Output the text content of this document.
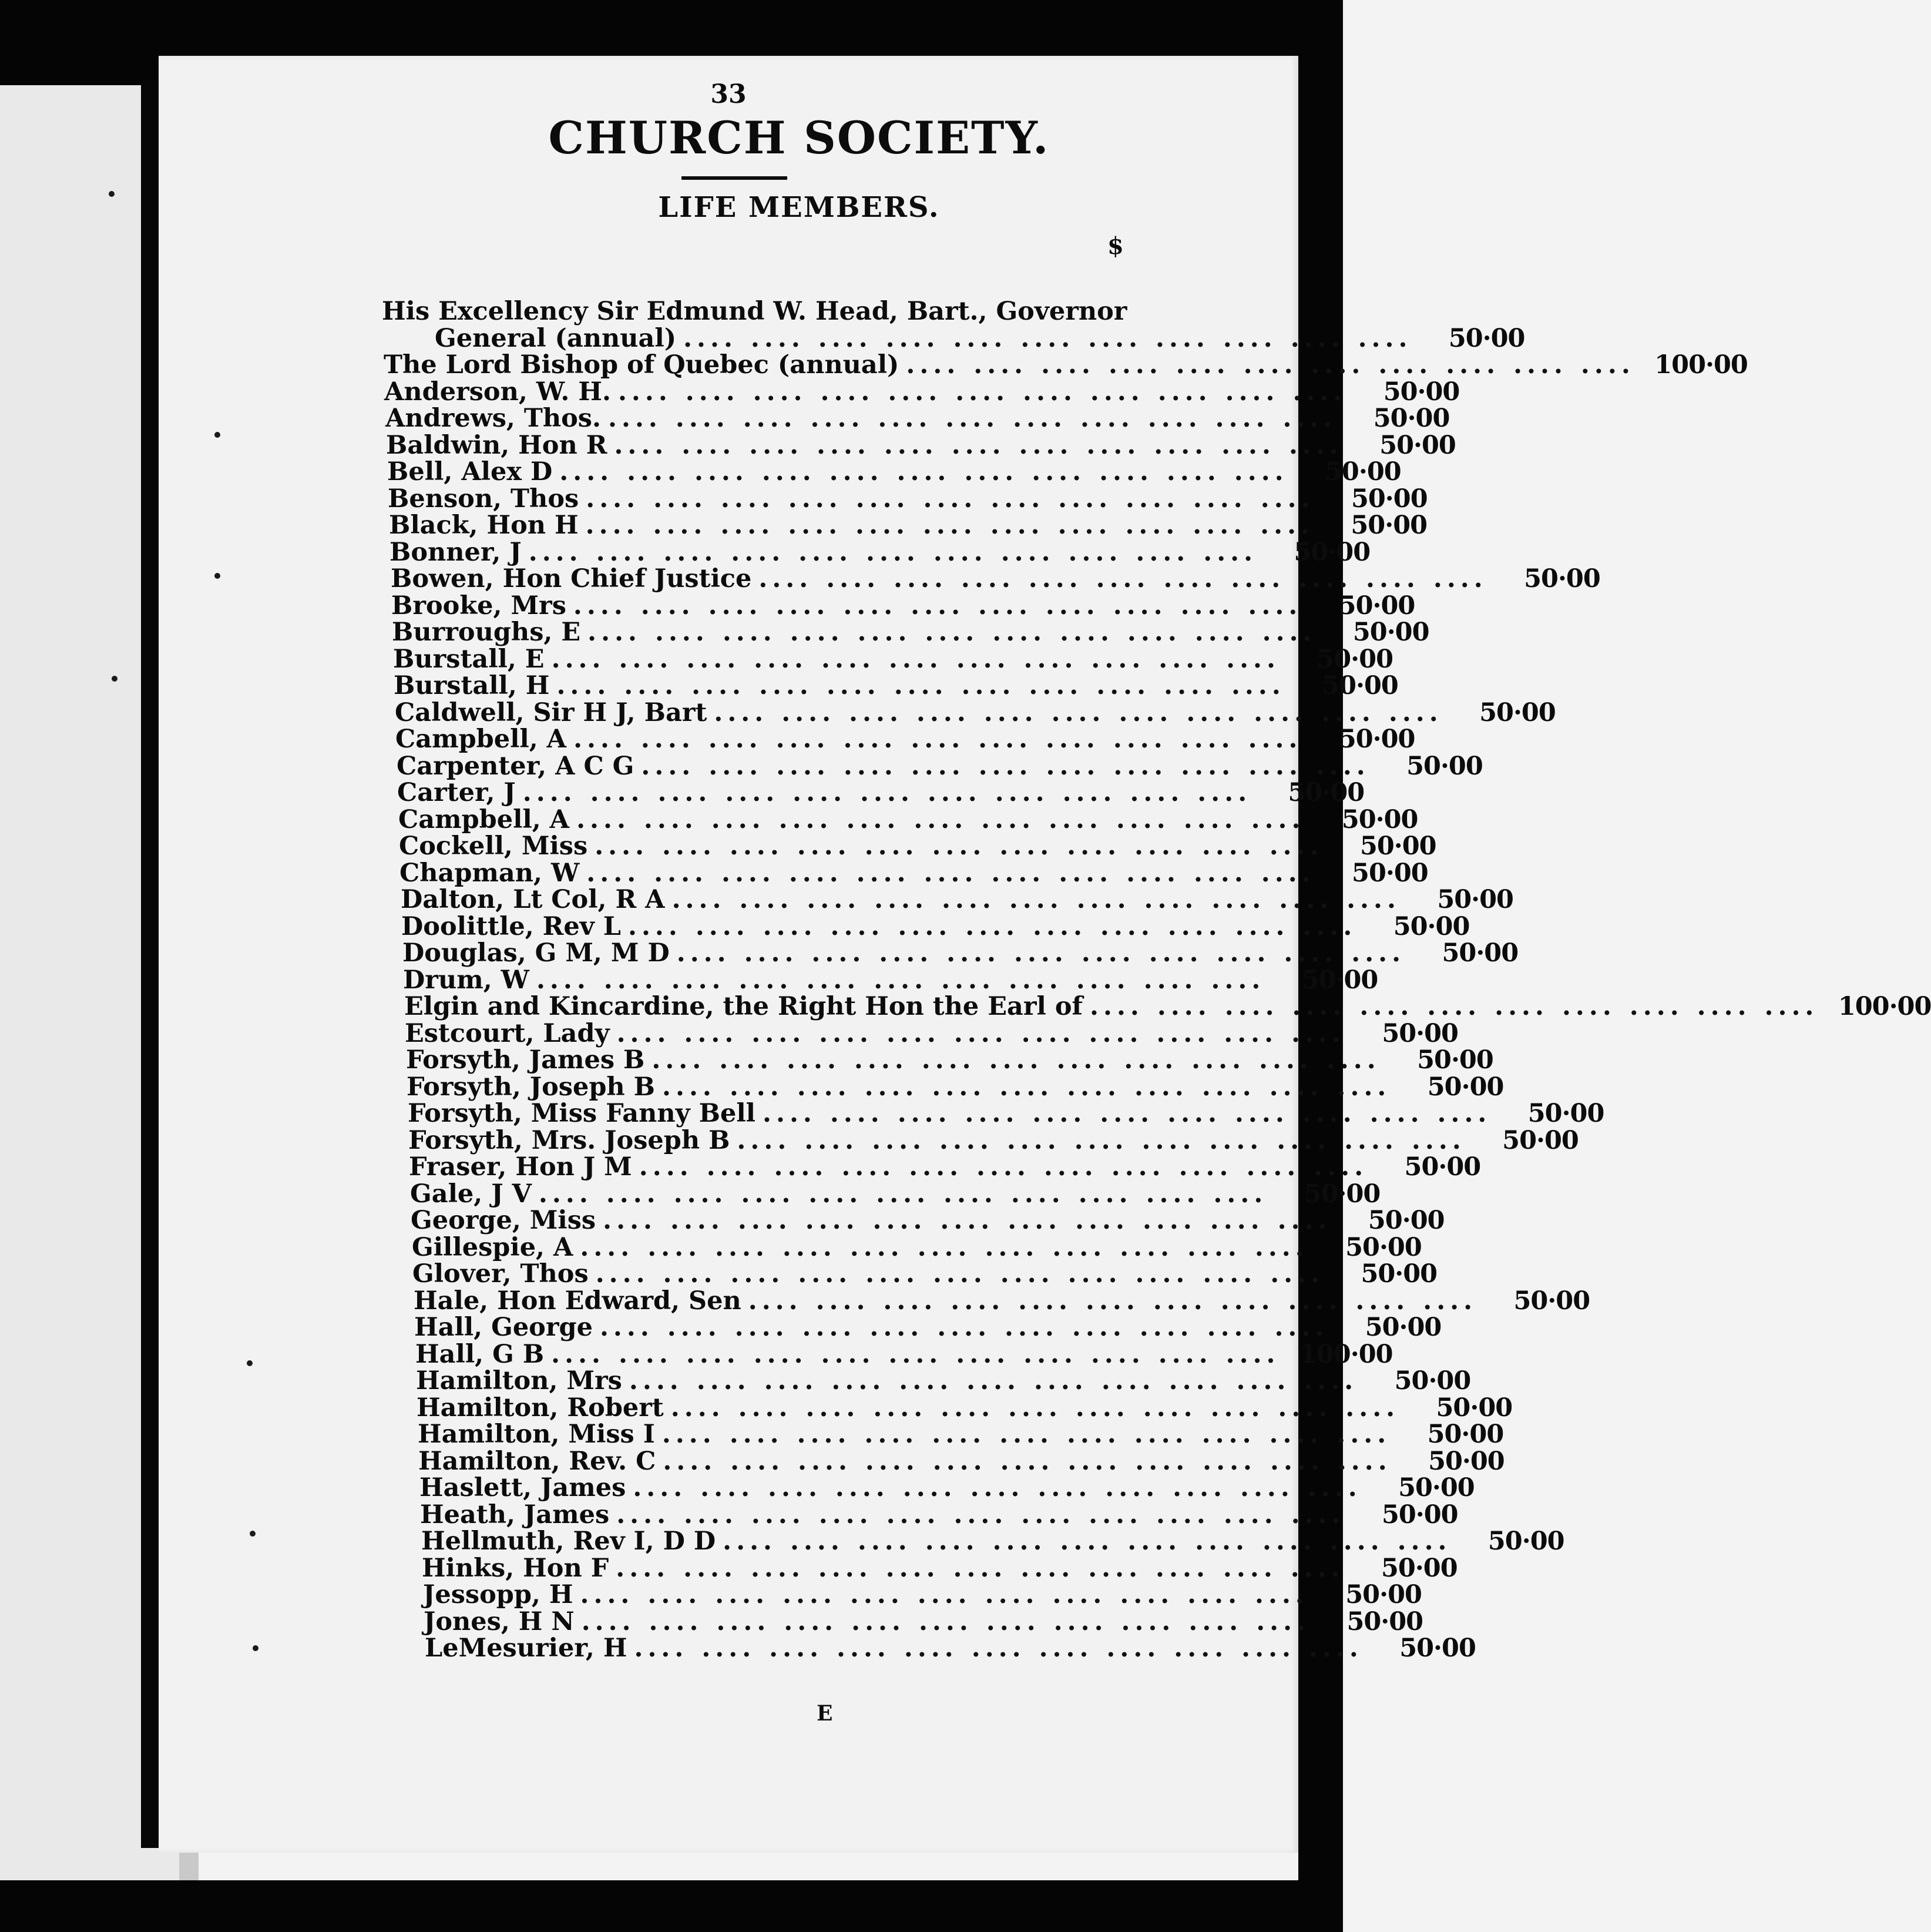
33
CHURCH SOCIETY.
LIFE MEMBERS.
$
His Excellency Sir Edmund W. Head, Bart., Governor
General (annual) .... .... .... .... .... .... .... .... .... .... ....	50·00
The Lord Bishop of Quebec (annual) .... .... .... .... .... .... .... .... .... .... .... 100·00
Anderson, W. H. .... .... .... .... .... .... .... .... .... .... ....	50·00
Andrews, Thos. .... .... .... .... .... .... .... .... .... .... ....	50·00
Baldwin, Hon R .... .... .... .... .... .... .... .... .... .... ....	50·00
Bell, Alex D .... .... .... .... .... .... .... .... .... .... ....	50·00
Benson, Thos .... .... .... .... .... .... .... .... .... .... ....	50·00
Black, Hon H .... .... .... .... .... .... .... .... .... .... ....	50·00
Bonner, J .... .... .... .... .... .... .... .... .... .... ....	50·00
Bowen, Hon Chief Justice .... .... .... .... .... .... .... .... .... .... ....	50·00
Brooke, Mrs .... .... .... .... .... .... .... .... .... .... ....	50·00
Burroughs, E .... .... .... .... .... .... .... .... .... .... ....	50·00
Burstall, E .... .... .... .... .... .... .... .... .... .... ....	50·00
Burstall, H .... .... .... .... .... .... .... .... .... .... ....	50·00
Caldwell, Sir H J, Bart .... .... .... .... .... .... .... .... .... .... ....	50·00
Campbell, A .... .... .... .... .... .... .... .... .... .... ....	50·00
Carpenter, A C G .... .... .... .... .... .... .... .... .... .... ....	50·00
Carter, J .... .... .... .... .... .... .... .... .... .... ....	50·00
Campbell, A .... .... .... .... .... .... .... .... .... .... ....	50·00
Cockell, Miss .... .... .... .... .... .... .... .... .... .... ....	50·00
Chapman, W .... .... .... .... .... .... .... .... .... .... ....	50·00
Dalton, Lt Col, R A .... .... .... .... .... .... .... .... .... .... ....	50·00
Doolittle, Rev L .... .... .... .... .... .... .... .... .... .... ....	50·00
Douglas, G M, M D .... .... .... .... .... .... .... .... .... .... ....	50·00
Drum, W .... .... .... .... .... .... .... .... .... .... ....	50·00
Elgin and Kincardine, the Right Hon the Earl of .... .... .... .... .... .... .... .... .... .... .... 100·00
Estcourt, Lady .... .... .... .... .... .... .... .... .... .... ....	50·00
Forsyth, James B .... .... .... .... .... .... .... .... .... .... ....	50·00
Forsyth, Joseph B .... .... .... .... .... .... .... .... .... .... ....	50·00
Forsyth, Miss Fanny Bell .... .... .... .... .... .... .... .... .... .... ....	50·00
Forsyth, Mrs. Joseph B .... .... .... .... .... .... .... .... .... .... ....	50·00
Fraser, Hon J M .... .... .... .... .... .... .... .... .... .... ....	50·00
Gale, J V .... .... .... .... .... .... .... .... .... .... ....	50·00
George, Miss .... .... .... .... .... .... .... .... .... .... ....	50·00
Gillespie, A .... .... .... .... .... .... .... .... .... .... ....	50·00
Glover, Thos .... .... .... .... .... .... .... .... .... .... ....	50·00
Hale, Hon Edward, Sen .... .... .... .... .... .... .... .... .... .... ....	50·00
Hall, George .... .... .... .... .... .... .... .... .... .... ....	50·00
Hall, G B .... .... .... .... .... .... .... .... .... .... .... 100·00
Hamilton, Mrs .... .... .... .... .... .... .... .... .... .... ....	50·00
Hamilton, Robert .... .... .... .... .... .... .... .... .... .... ....	50·00
Hamilton, Miss I .... .... .... .... .... .... .... .... .... .... ....	50·00
Hamilton, Rev. C .... .... .... .... .... .... .... .... .... .... ....	50·00
Haslett, James .... .... .... .... .... .... .... .... .... .... ....	50·00
Heath, James .... .... .... .... .... .... .... .... .... .... ....	50·00
Hellmuth, Rev I, D D .... .... .... .... .... .... .... .... .... .... ....	50·00
Hinks, Hon F .... .... .... .... .... .... .... .... .... .... ....	50·00
Jessopp, H .... .... .... .... .... .... .... .... .... .... ....	50·00
Jones, H N .... .... .... .... .... .... .... .... .... .... ....	50·00
LeMesurier, H .... .... .... .... .... .... .... .... .... .... ....	50·00
E
